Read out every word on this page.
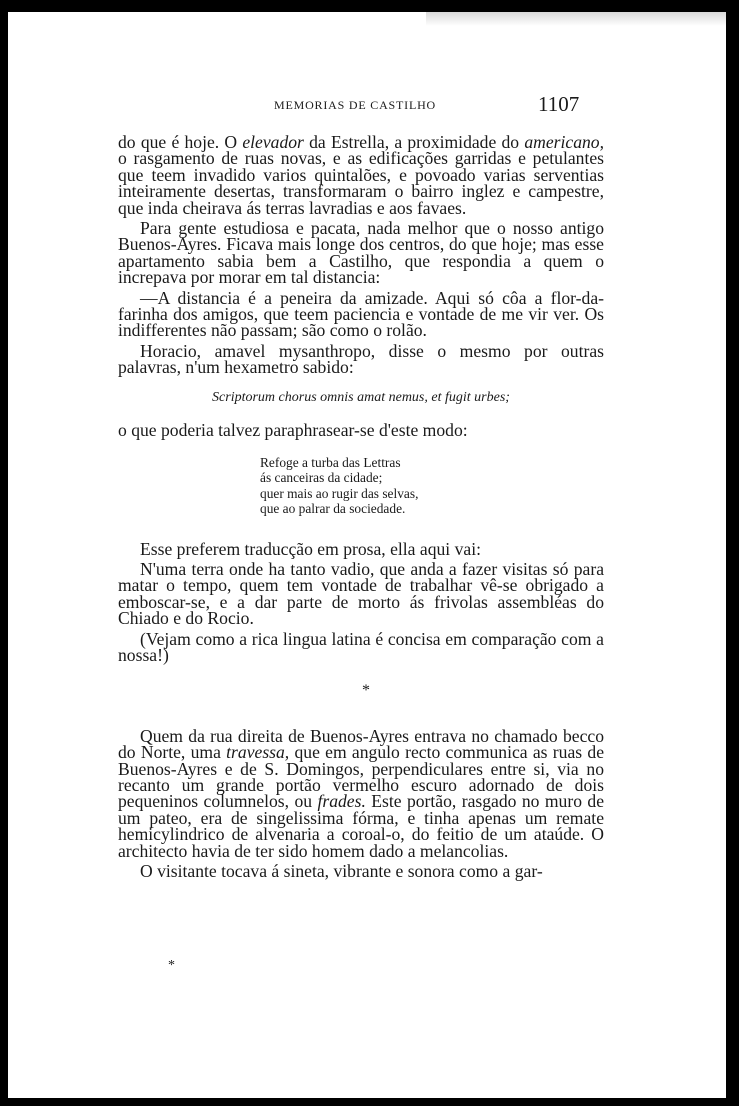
MEMORIAS DE CASTILHO	1107

do que é hoje. O elevador da Estrella, a proximidade do americano, o rasgamento de ruas novas, e as edificações garridas e petulantes que teem invadido varios quintalões, e povoado varias serventias inteiramente desertas, transformaram o bairro inglez e campestre, que inda cheirava ás terras lavradias e aos favaes.

Para gente estudiosa e pacata, nada melhor que o nosso antigo Buenos-Ayres. Ficava mais longe dos centros, do que hoje; mas esse apartamento sabia bem a Castilho, que respondia a quem o increpava por morar em tal distancia:

—A distancia é a peneira da amizade. Aqui só côa a flor-da-farinha dos amigos, que teem paciencia e vontade de me vir ver. Os indifferentes não passam; são como o rolão.

Horacio, amavel mysanthropo, disse o mesmo por outras palavras, n'um hexametro sabido:

Scriptorum chorus omnis amat nemus, et fugit urbes;

o que poderia talvez paraphrasear-se d'este modo:

Refoge a turba das Lettras
ás canceiras da cidade;
quer mais ao rugir das selvas,
que ao palrar da sociedade.

Esse preferem traducção em prosa, ella aqui vai:

N'uma terra onde ha tanto vadio, que anda a fazer visitas só para matar o tempo, quem tem vontade de trabalhar vê-se obrigado a emboscar-se, e a dar parte de morto ás frivolas assembléas do Chiado e do Rocio.

(Vejam como a rica lingua latina é concisa em comparação com a nossa!)

*

Quem da rua direita de Buenos-Ayres entrava no chamado becco do Norte, uma travessa, que em angulo recto communica as ruas de Buenos-Ayres e de S. Domingos, perpendiculares entre si, via no recanto um grande portão vermelho escuro adornado de dois pequeninos columnelos, ou frades. Este portão, rasgado no muro de um pateo, era de singelissima fórma, e tinha apenas um remate hemicylindrico de alvenaria a coroal-o, do feitio de um ataúde. O architecto havia de ter sido homem dado a melancolias.

O visitante tocava á sineta, vibrante e sonora como a gar-

*
